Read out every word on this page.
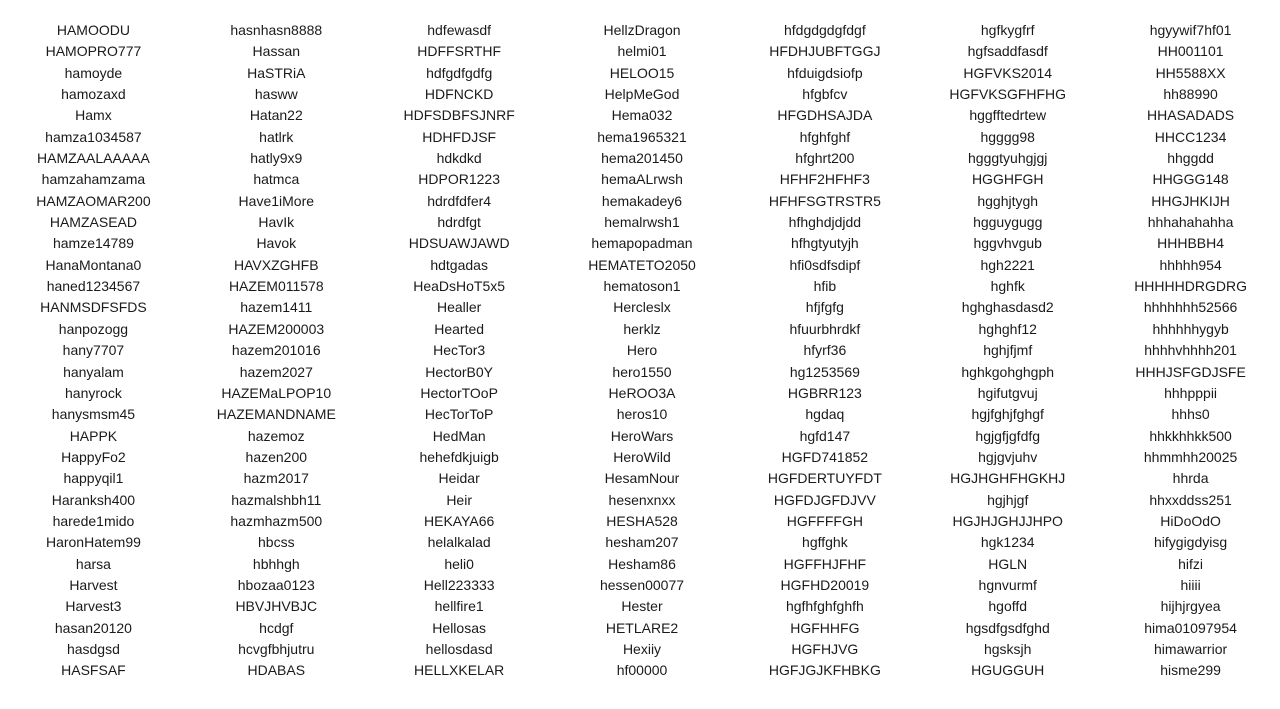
HAMOODU
HAMOPRO777
hamoyde
hamozaxd
Hamx
hamza1034587
HAMZAALAAAAA
hamzahamzama
HAMZAOMAR200
HAMZASEAD
hamze14789
HanaMontana0
haned1234567
HANMSDFSFDS
hanpozogg
hany7707
hanyalam
hanyrock
hanysmsm45
HAPPK
HappyFo2
happyqil1
Haranksh400
harede1mido
HaronHatem99
harsa
Harvest
Harvest3
hasan20120
hasdgsd
HASFSAF
hasnhasn8888
Hassan
HaSTRiA
hasww
Hatan22
hatlrk
hatly9x9
hatmca
Have1iMore
HavIk
Havok
HAVXZGHFB
HAZEM011578
hazem1411
HAZEM200003
hazem201016
hazem2027
HAZEMaLPOP10
HAZEMANDNAME
hazemoz
hazen200
hazm2017
hazmalshbh11
hazmhazm500
hbcss
hbhhgh
hbozaa0123
HBVJHVBJC
hcdgf
hcvgfbhjutru
HDABAS
hdfewasdf
HDFFSRTHF
hdfgdfgdfg
HDFNCKD
HDFSDBFSJNRF
HDHFDJSF
hdkdkd
HDPOR1223
hdrdfdfer4
hdrdfgt
HDSUAWJAWD
hdtgadas
HeaDsHoT5x5
Healler
Hearted
HecTor3
HectorB0Y
HectorTOoP
HecTorToP
HedMan
hehefdkjuigb
Heidar
Heir
HEKAYA66
helalkalad
heli0
Hell223333
hellfire1
Hellosas
hellosdasd
HELLXKELAR
HellzDragon
helmi01
HELOO15
HelpMeGod
Hema032
hema1965321
hema201450
hemaALrwsh
hemakadey6
hemalrwsh1
hemapopadman
HEMATETO2050
hematoson1
Hercleslx
herklz
Hero
hero1550
HeROO3A
heros10
HeroWars
HeroWild
HesamNour
hesenxnxx
HESHA528
hesham207
Hesham86
hessen00077
Hester
HETLARE2
Hexiiy
hf00000
hfdgdgdgfdgf
HFDHJUBFTGGJ
hfduigdsiofp
hfgbfcv
HFGDHSAJDA
hfghfghf
hfghrt200
HFHF2HFHF3
HFHFSGTRSTR5
hfhghdjdjdd
hfhgtyutyjh
hfi0sdfsdipf
hfib
hfjfgfg
hfuurbhrdkf
hfyrf36
hg1253569
HGBRR123
hgdaq
hgfd147
HGFD741852
HGFDERTUYFDT
HGFDJGFDJVV
HGFFFFGH
hgffghk
HGFFHJFHF
HGFHD20019
hgfhfghfghfh
HGFHHFG
HGFHJVG
HGFJGJKFHBKG
hgfkygfrf
hgfsaddfasdf
HGFVKS2014
HGFVKSGFHFHG
hggfftedrtew
hgggg98
hgggtyuhgjgj
HGGHFGH
hgghjtygh
hgguygugg
hggvhvgub
hgh2221
hghfk
hghghasdasd2
hghghf12
hghjfjmf
hghkgohghgph
hgifutgvuj
hgjfghjfghgf
hgjgfjgfdfg
hgjgvjuhv
HGJHGHFHGKHJ
hgjhjgf
HGJHJGHJJHPO
hgk1234
HGLN
hgnvurmf
hgoffd
hgsdfgsdfghd
hgsksjh
HGUGGUH
hgyywif7hf01
HH001101
HH5588XX
hh88990
HHASADADS
HHCC1234
hhggdd
HHGGG148
HHGJHKIJH
hhhahahahha
HHHBBH4
hhhhh954
HHHHHDRGDRG
hhhhhhh52566
hhhhhhygyb
hhhhvhhhh201
HHHJSFGDJSFE
hhhpppii
hhhs0
hhkkhhkk500
hhmmhh20025
hhrda
hhxxddss251
HiDoOdO
hifygigdyisg
hifzi
hiiii
hijhjrgyea
hima01097954
himawarrior
hisme299
